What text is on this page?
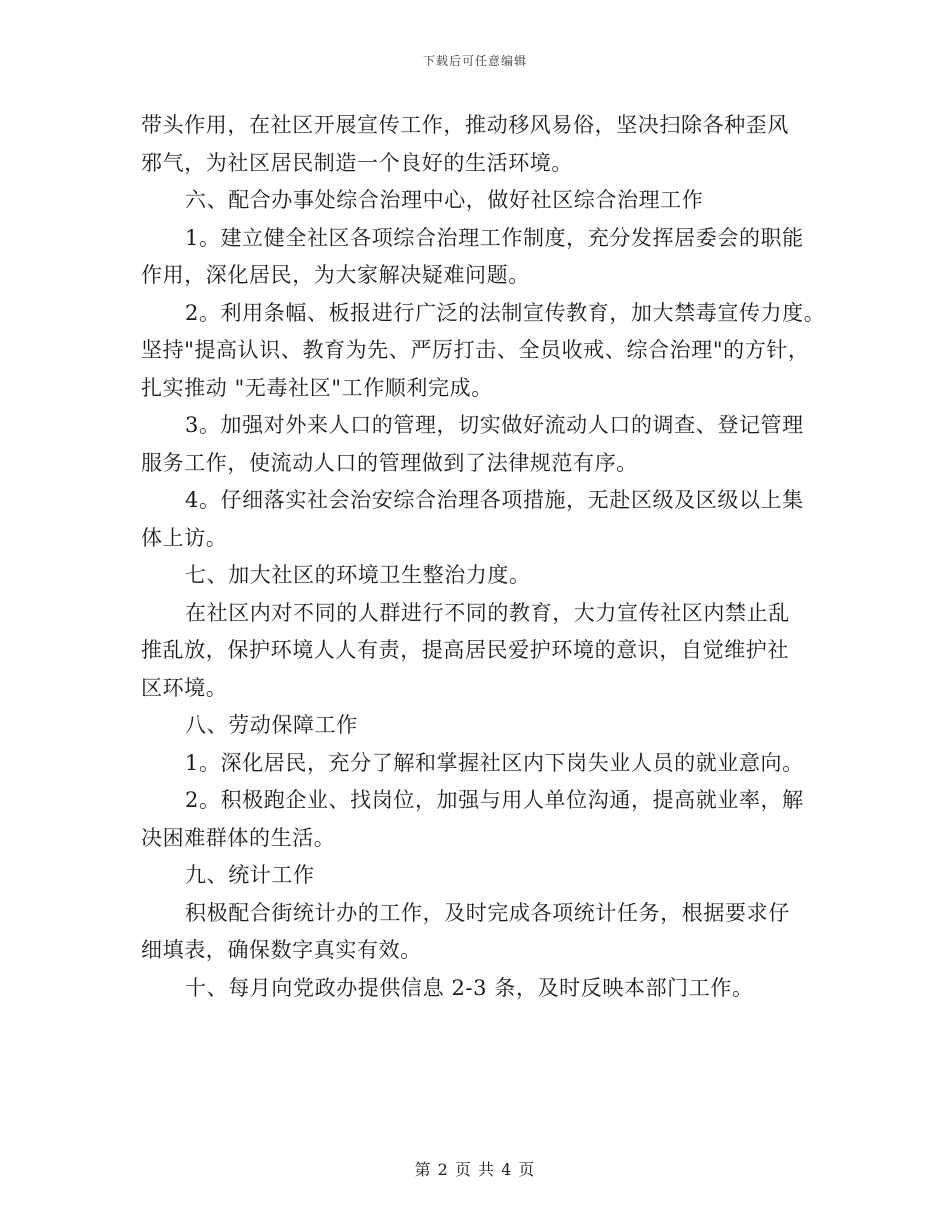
下载后可任意编辑
带头作用，在社区开展宣传工作，推动移风易俗，坚决扫除各种歪风
邪气，为社区居民制造一个良好的生活环境。
六、配合办事处综合治理中心，做好社区综合治理工作
1。建立健全社区各项综合治理工作制度，充分发挥居委会的职能
作用，深化居民，为大家解决疑难问题。
2。利用条幅、板报进行广泛的法制宣传教育，加大禁毒宣传力度。
坚持"提高认识、教育为先、严厉打击、全员收戒、综合治理"的方针，
扎实推动 "无毒社区"工作顺利完成。
3。加强对外来人口的管理，切实做好流动人口的调查、登记管理
服务工作，使流动人口的管理做到了法律规范有序。
4。仔细落实社会治安综合治理各项措施，无赴区级及区级以上集
体上访。
七、加大社区的环境卫生整治力度。
在社区内对不同的人群进行不同的教育，大力宣传社区内禁止乱
推乱放，保护环境人人有责，提高居民爱护环境的意识，自觉维护社
区环境。
八、劳动保障工作
1。深化居民，充分了解和掌握社区内下岗失业人员的就业意向。
2。积极跑企业、找岗位，加强与用人单位沟通，提高就业率，解
决困难群体的生活。
九、统计工作
积极配合街统计办的工作，及时完成各项统计任务，根据要求仔
细填表，确保数字真实有效。
十、每月向党政办提供信息 2-3 条，及时反映本部门工作。
第 2 页 共 4 页
